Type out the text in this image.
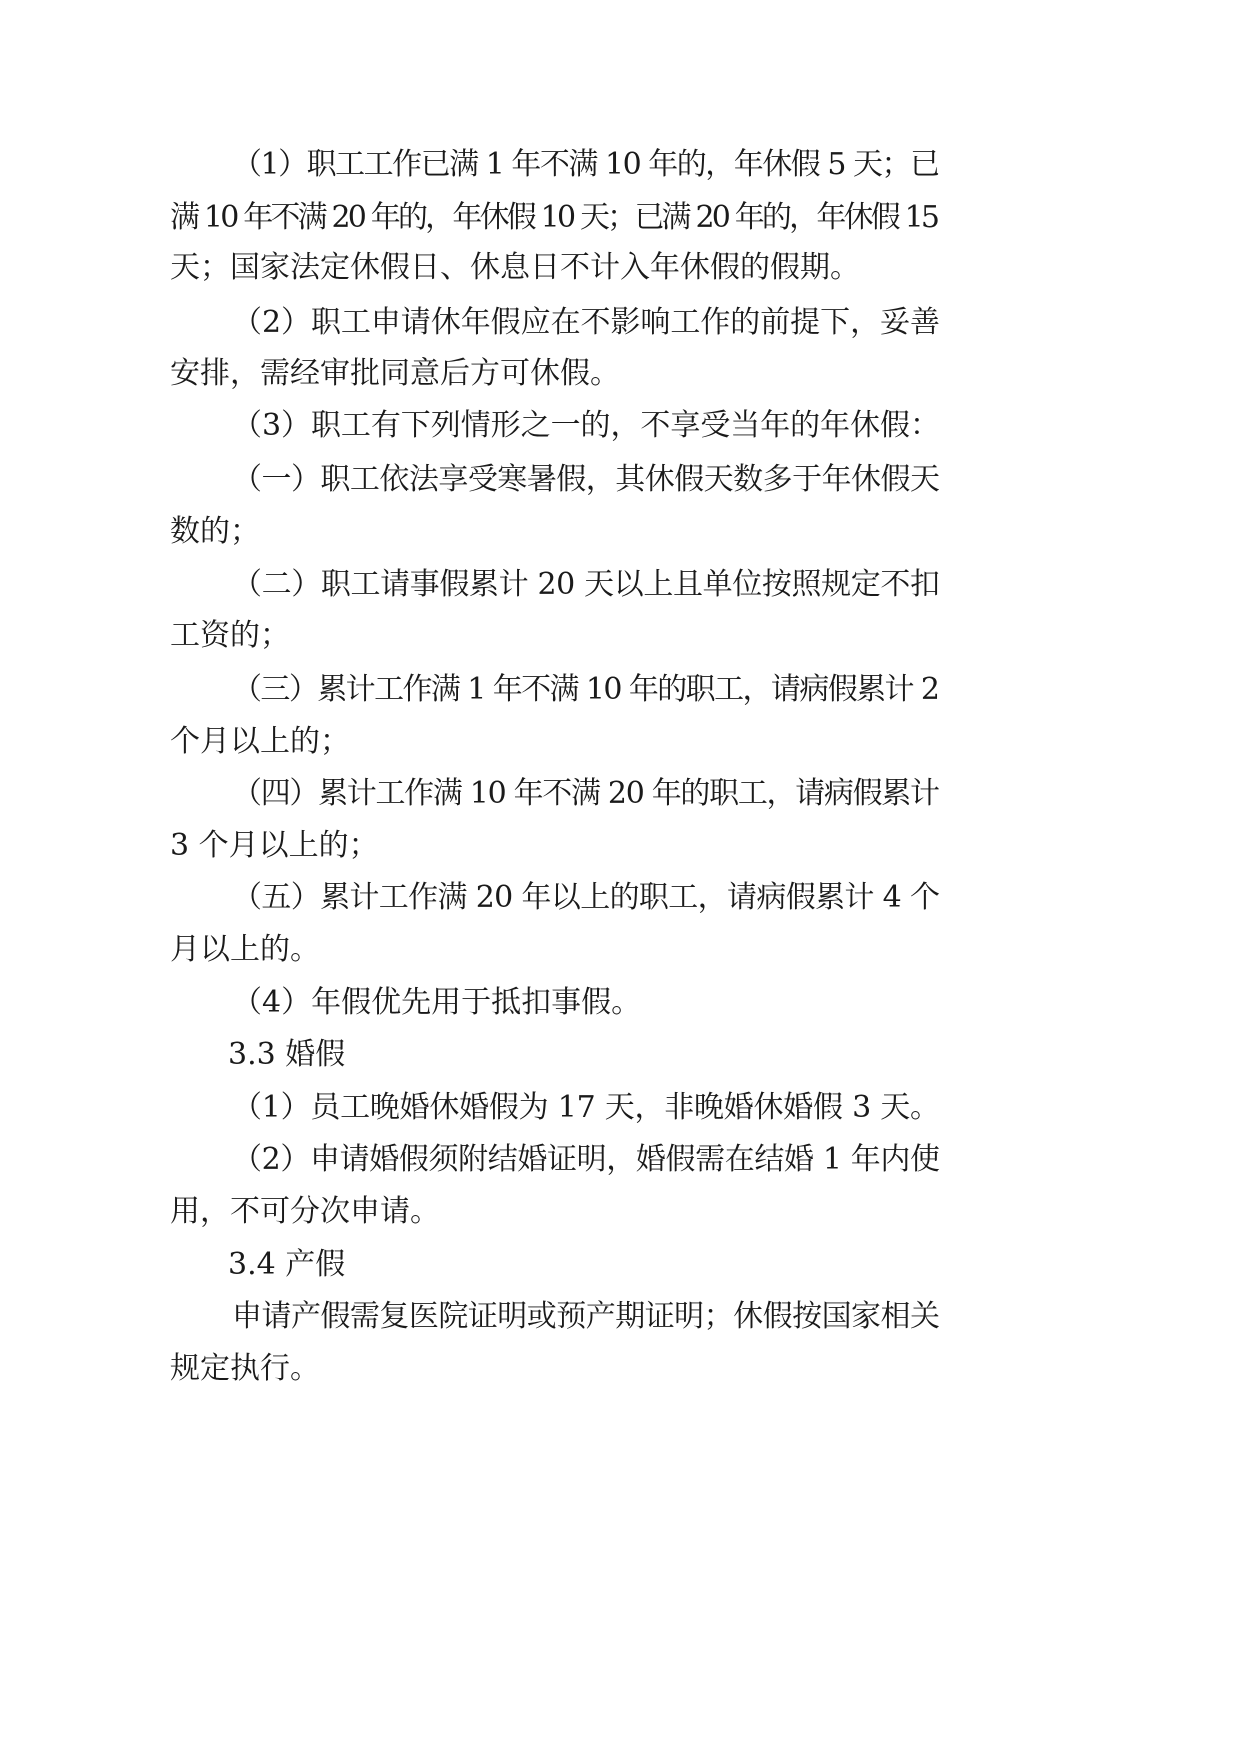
（1）职工工作已满 1 年不满 10 年的，年休假 5 天；已
满 10 年不满 20 年的，年休假 10 天；已满 20 年的，年休假 15
天；国家法定休假日、休息日不计入年休假的假期。
（2）职工申请休年假应在不影响工作的前提下，妥善
安排，需经审批同意后方可休假。
（3）职工有下列情形之一的，不享受当年的年休假：
（一）职工依法享受寒暑假，其休假天数多于年休假天
数的；
（二）职工请事假累计 20 天以上且单位按照规定不扣
工资的；
（三）累计工作满 1 年不满 10 年的职工，请病假累计 2
个月以上的；
（四）累计工作满 10 年不满 20 年的职工，请病假累计
3 个月以上的；
（五）累计工作满 20 年以上的职工，请病假累计 4 个
月以上的。
（4）年假优先用于抵扣事假。
3.3 婚假
（1）员工晚婚休婚假为 17 天，非晚婚休婚假 3 天。
（2）申请婚假须附结婚证明，婚假需在结婚 1 年内使
用，不可分次申请。
3.4 产假
申请产假需复医院证明或预产期证明；休假按国家相关
规定执行。
